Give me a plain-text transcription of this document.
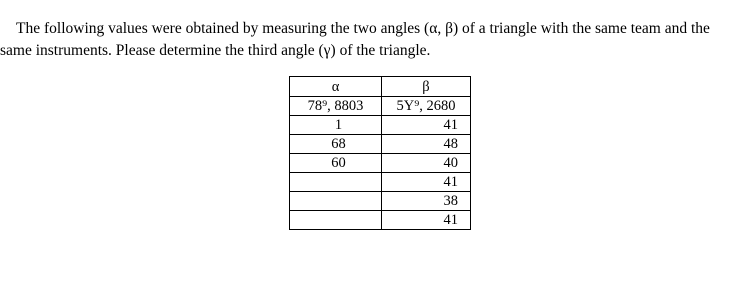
The following values were obtained by measuring the two angles (α, β) of a triangle with the same team and the
same instruments. Please determine the third angle (γ) of the triangle.

α	β
78⁹, 8803	5Y⁹, 2680
1	41
68	48
60	40
	41
	38
	41
